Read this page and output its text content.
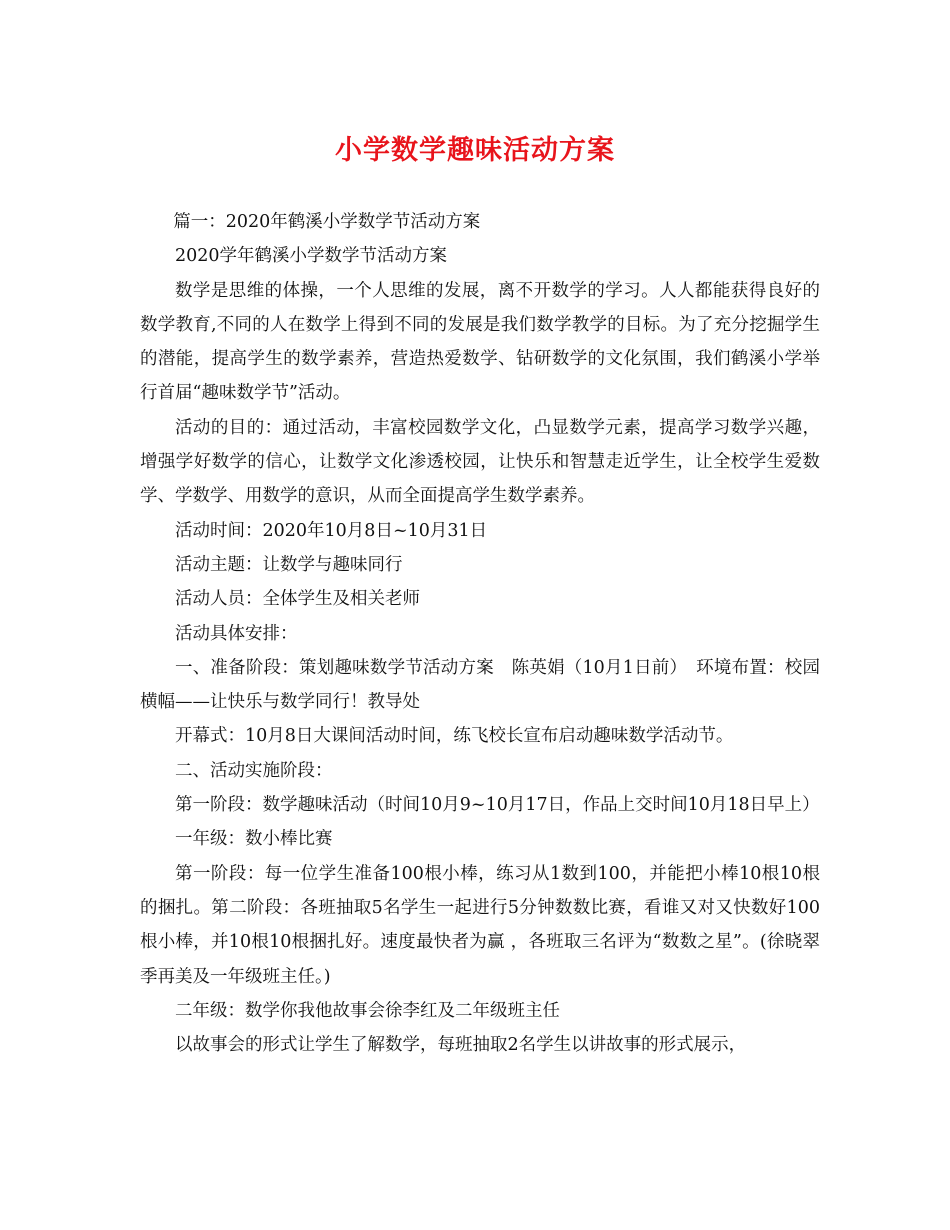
小学数学趣味活动方案

篇一：2020年鹤溪小学数学节活动方案

2020学年鹤溪小学数学节活动方案

数学是思维的体操，一个人思维的发展，离不开数学的学习。人人都能获得良好的数学教育,不同的人在数学上得到不同的发展是我们数学教学的目标。为了充分挖掘学生的潜能，提高学生的数学素养，营造热爱数学、钻研数学的文化氛围，我们鹤溪小学举行首届“趣味数学节”活动。

活动的目的：通过活动，丰富校园数学文化，凸显数学元素，提高学习数学兴趣，增强学好数学的信心，让数学文化渗透校园，让快乐和智慧走近学生，让全校学生爱数学、学数学、用数学的意识，从而全面提高学生数学素养。

活动时间：2020年10月8日~10月31日

活动主题：让数学与趣味同行

活动人员：全体学生及相关老师

活动具体安排：

一、准备阶段：策划趣味数学节活动方案　陈英娟（10月1日前）　环境布置：校园横幅——让快乐与数学同行！教导处

开幕式：10月8日大课间活动时间，练飞校长宣布启动趣味数学活动节。

二、活动实施阶段：

第一阶段：数学趣味活动（时间10月9~10月17日，作品上交时间10月18日早上）

一年级：数小棒比赛

第一阶段：每一位学生准备100根小棒，练习从1数到100，并能把小棒10根10根的捆扎。第二阶段：各班抽取5名学生一起进行5分钟数数比赛，看谁又对又快数好100根小棒，并10根10根捆扎好。速度最快者为赢 ，各班取三名评为“数数之星”。(徐晓翠 季再美及一年级班主任。)

二年级：数学你我他故事会徐李红及二年级班主任

以故事会的形式让学生了解数学，每班抽取2名学生以讲故事的形式展示，
